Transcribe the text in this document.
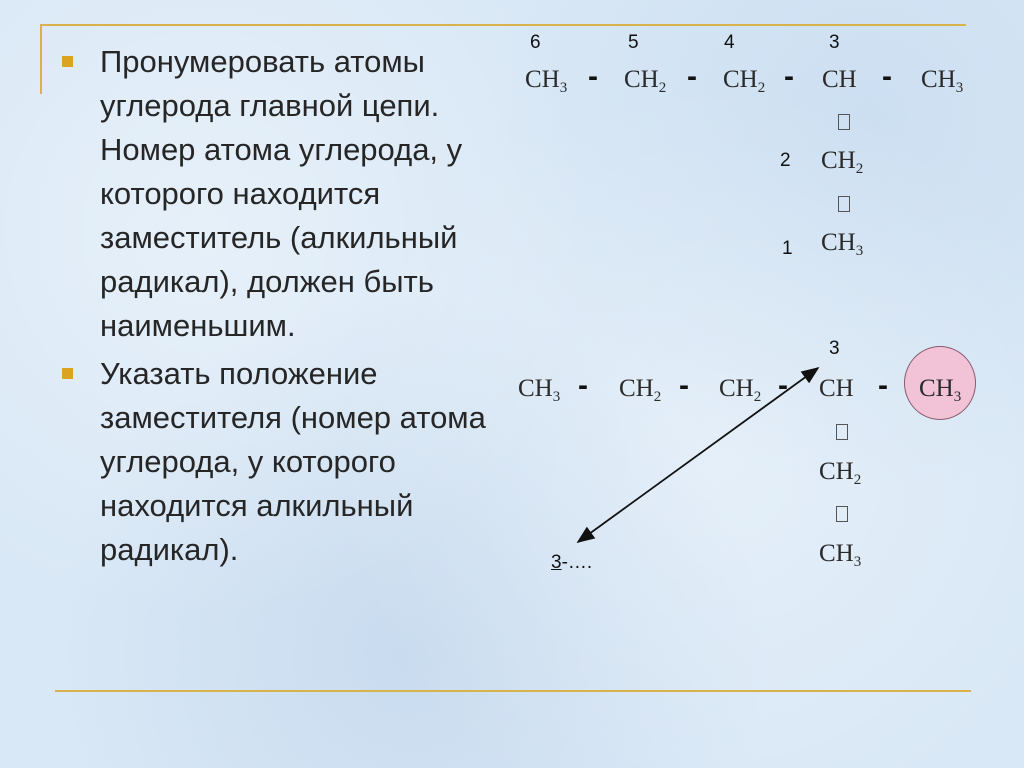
Пронумеровать атомы углерода главной цепи. Номер атома углерода, у которого находится заместитель (алкильный радикал), должен быть наименьшим.
Указать положение заместителя (номер атома углерода, у которого находится алкильный радикал).
6	5	4	3
$CH_3 - CH_2 - CH_2$ - CH - $CH_3$
2 $CH_2$
1 $CH_3$
3
$CH_3 - CH_2 - CH_2$ - CH - $CH_3$
$CH_2$
$CH_3$
3-….
